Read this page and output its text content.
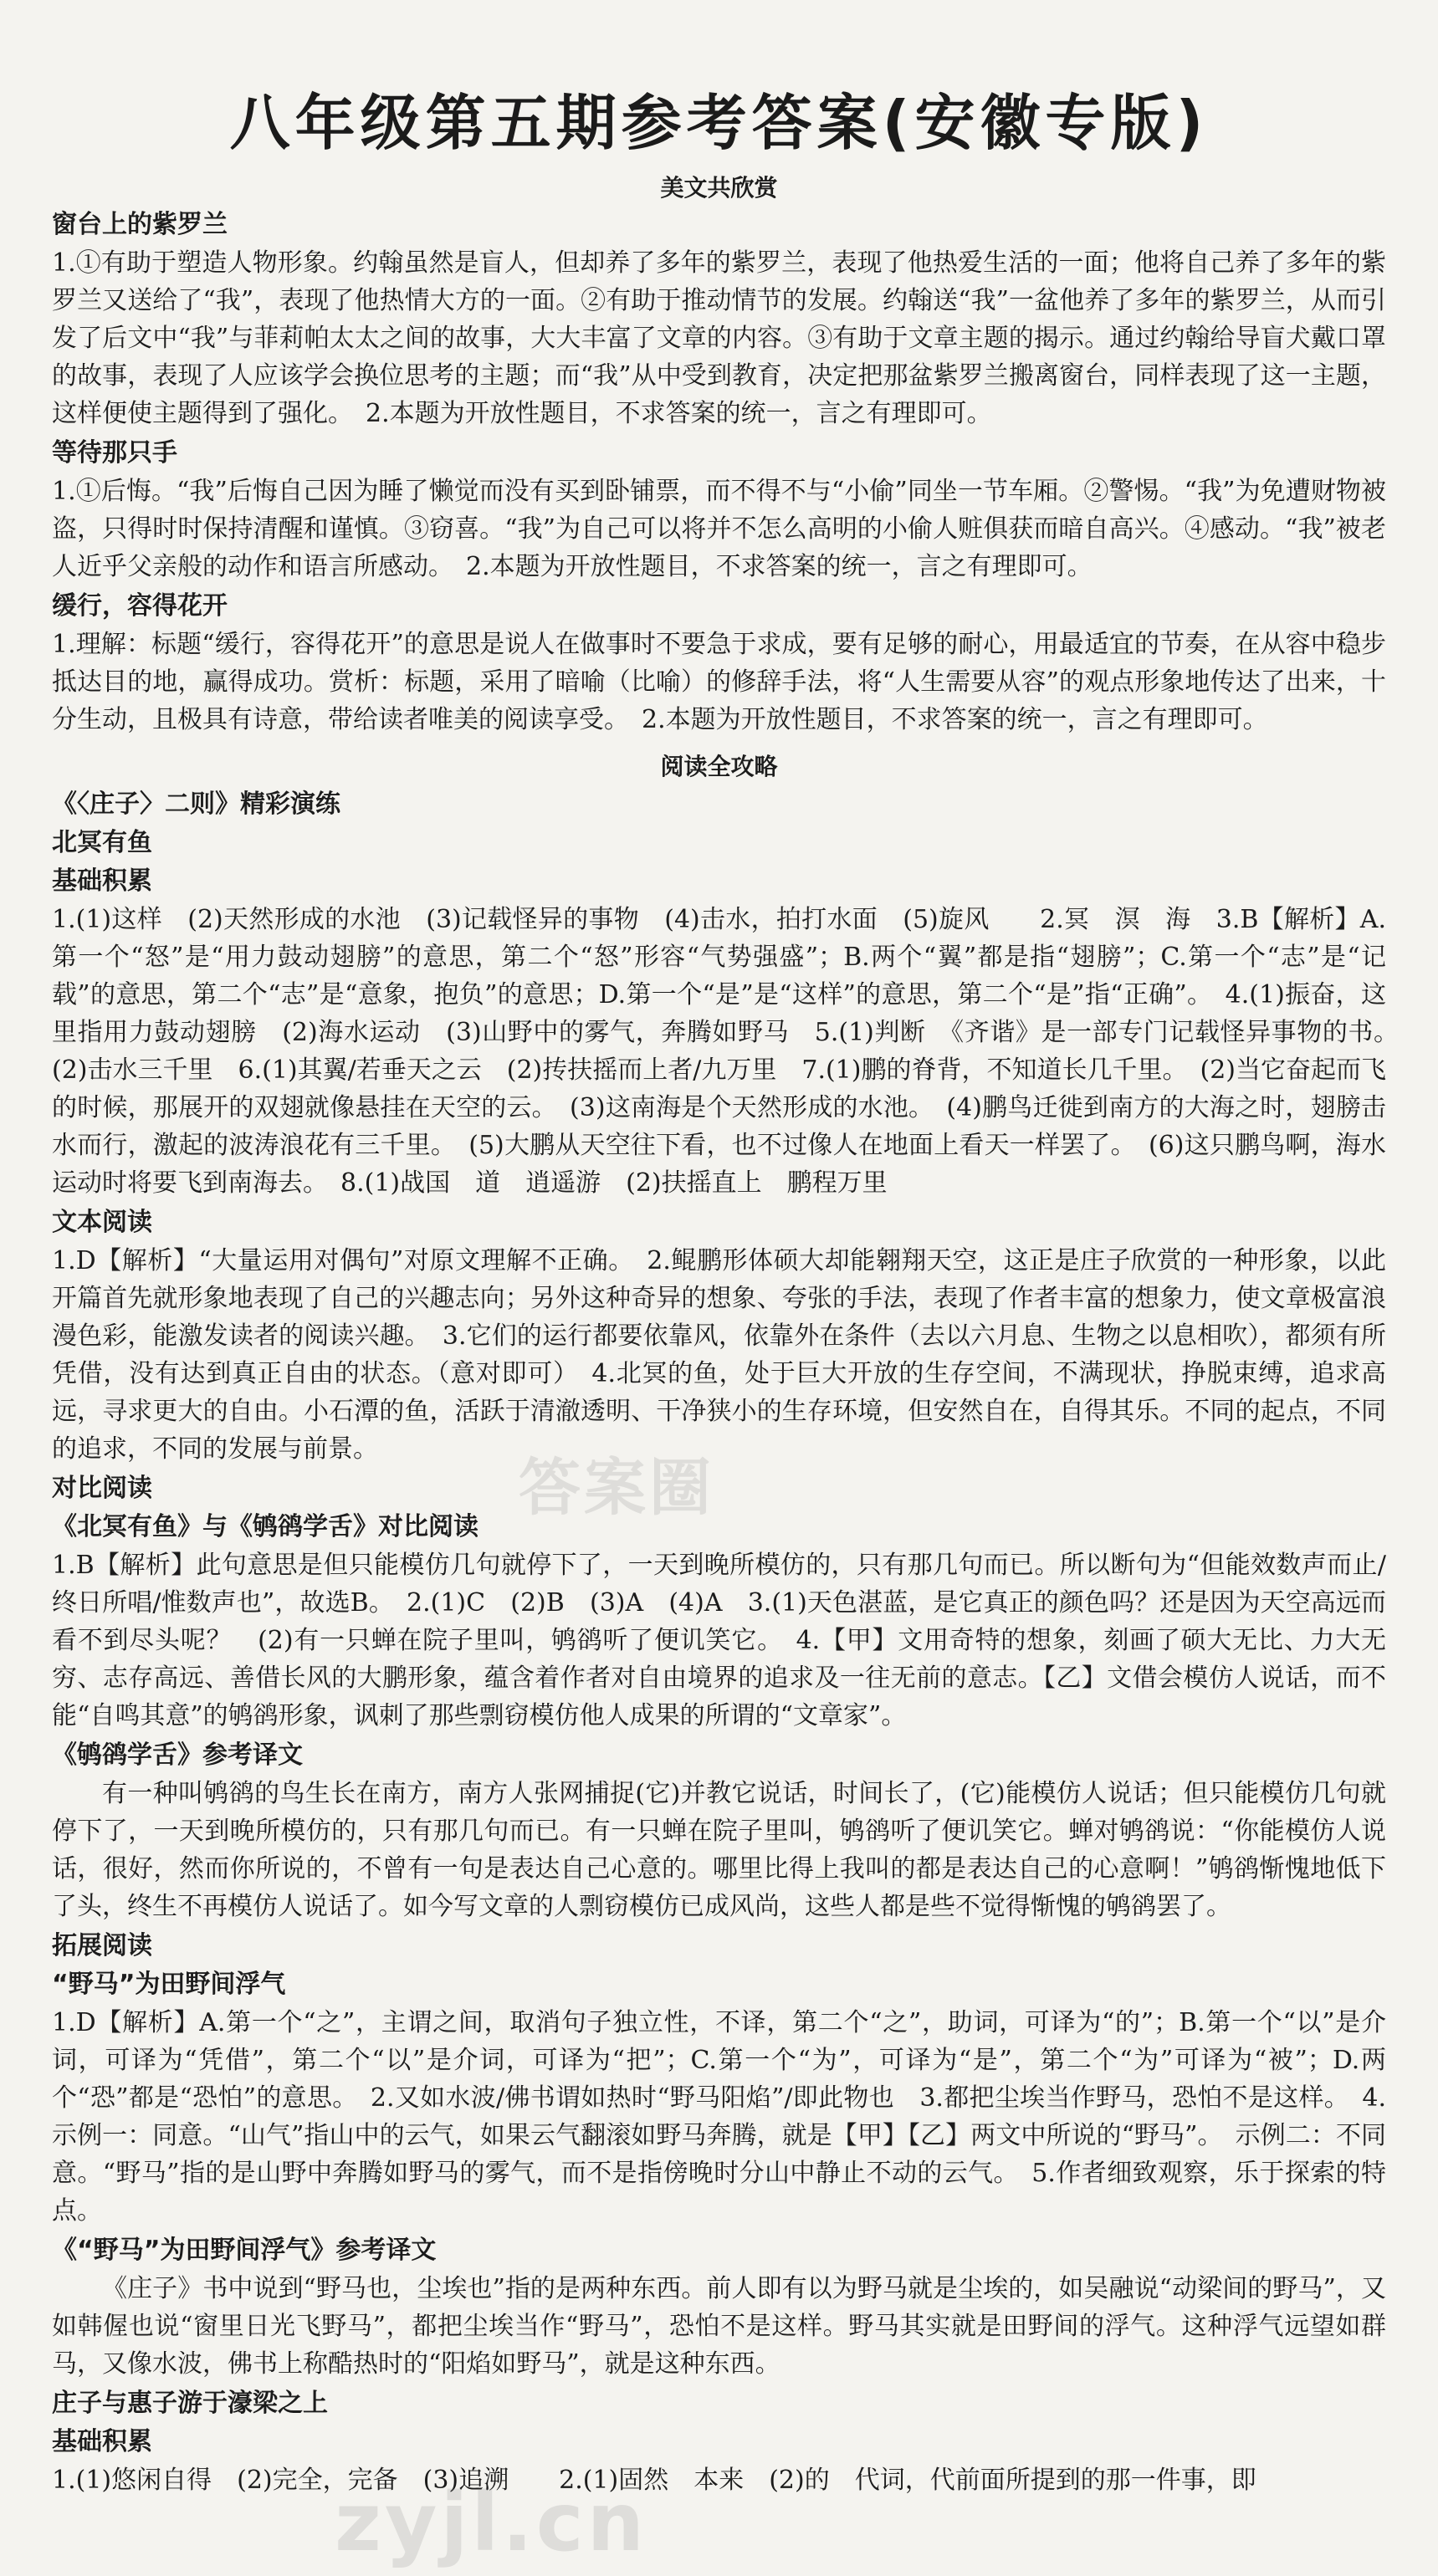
八年级第五期参考答案(安徽专版)
美文共欣赏
窗台上的紫罗兰
1.①有助于塑造人物形象。约翰虽然是盲人，但却养了多年的紫罗兰，表现了他热爱生活的一面；他将自己养了多年的紫罗兰又送给了“我”，表现了他热情大方的一面。②有助于推动情节的发展。约翰送“我”一盆他养了多年的紫罗兰，从而引发了后文中“我”与菲莉帕太太之间的故事，大大丰富了文章的内容。③有助于文章主题的揭示。通过约翰给导盲犬戴口罩的故事，表现了人应该学会换位思考的主题；而“我”从中受到教育，决定把那盆紫罗兰搬离窗台，同样表现了这一主题，这样便使主题得到了强化。　2.本题为开放性题目，不求答案的统一，言之有理即可。
等待那只手
1.①后悔。“我”后悔自己因为睡了懒觉而没有买到卧铺票，而不得不与“小偷”同坐一节车厢。②警惕。“我”为免遭财物被盗，只得时时保持清醒和谨慎。③窃喜。“我”为自己可以将并不怎么高明的小偷人赃俱获而暗自高兴。④感动。“我”被老人近乎父亲般的动作和语言所感动。　2.本题为开放性题目，不求答案的统一，言之有理即可。
缓行，容得花开
1.理解：标题“缓行，容得花开”的意思是说人在做事时不要急于求成，要有足够的耐心，用最适宜的节奏，在从容中稳步抵达目的地，赢得成功。赏析：标题，采用了暗喻（比喻）的修辞手法，将“人生需要从容”的观点形象地传达了出来，十分生动，且极具有诗意，带给读者唯美的阅读享受。　2.本题为开放性题目，不求答案的统一，言之有理即可。
阅读全攻略
《〈庄子〉二则》精彩演练
北冥有鱼
基础积累
1.(1)这样　(2)天然形成的水池　(3)记载怪异的事物　(4)击水，拍打水面　(5)旋风　　2.冥　溟　海　3.B【解析】A.第一个“怒”是“用力鼓动翅膀”的意思，第二个“怒”形容“气势强盛”；B.两个“翼”都是指“翅膀”；C.第一个“志”是“记载”的意思，第二个“志”是“意象，抱负”的意思；D.第一个“是”是“这样”的意思，第二个“是”指“正确”。　4.(1)振奋，这里指用力鼓动翅膀　(2)海水运动　(3)山野中的雾气，奔腾如野马　5.(1)判断　《齐谐》是一部专门记载怪异事物的书。　(2)击水三千里　6.(1)其翼/若垂天之云　(2)抟扶摇而上者/九万里　7.(1)鹏的脊背，不知道长几千里。　(2)当它奋起而飞的时候，那展开的双翅就像悬挂在天空的云。　(3)这南海是个天然形成的水池。　(4)鹏鸟迁徙到南方的大海之时，翅膀击水而行，激起的波涛浪花有三千里。　(5)大鹏从天空往下看，也不过像人在地面上看天一样罢了。　(6)这只鹏鸟啊，海水运动时将要飞到南海去。　8.(1)战国　道　逍遥游　(2)扶摇直上　鹏程万里
文本阅读
1.D【解析】“大量运用对偶句”对原文理解不正确。　2.鲲鹏形体硕大却能翱翔天空，这正是庄子欣赏的一种形象，以此开篇首先就形象地表现了自己的兴趣志向；另外这种奇异的想象、夸张的手法，表现了作者丰富的想象力，使文章极富浪漫色彩，能激发读者的阅读兴趣。　3.它们的运行都要依靠风，依靠外在条件（去以六月息、生物之以息相吹），都须有所凭借，没有达到真正自由的状态。（意对即可）　4.北冥的鱼，处于巨大开放的生存空间，不满现状，挣脱束缚，追求高远，寻求更大的自由。小石潭的鱼，活跃于清澈透明、干净狭小的生存环境，但安然自在，自得其乐。不同的起点，不同的追求，不同的发展与前景。
对比阅读
《北冥有鱼》与《鸲鹆学舌》对比阅读
1.B【解析】此句意思是但只能模仿几句就停下了，一天到晚所模仿的，只有那几句而已。所以断句为“但能效数声而止/终日所唱/惟数声也”，故选B。　2.(1)C　(2)B　(3)A　(4)A　3.(1)天色湛蓝，是它真正的颜色吗？还是因为天空高远而看不到尽头呢？　(2)有一只蝉在院子里叫，鸲鹆听了便讥笑它。　4.【甲】文用奇特的想象，刻画了硕大无比、力大无穷、志存高远、善借长风的大鹏形象，蕴含着作者对自由境界的追求及一往无前的意志。【乙】文借会模仿人说话，而不能“自鸣其意”的鸲鹆形象，讽刺了那些剽窃模仿他人成果的所谓的“文章家”。
《鸲鹆学舌》参考译文
有一种叫鸲鹆的鸟生长在南方，南方人张网捕捉(它)并教它说话，时间长了，(它)能模仿人说话；但只能模仿几句就停下了，一天到晚所模仿的，只有那几句而已。有一只蝉在院子里叫，鸲鹆听了便讥笑它。蝉对鸲鹆说：“你能模仿人说话，很好，然而你所说的，不曾有一句是表达自己心意的。哪里比得上我叫的都是表达自己的心意啊！”鸲鹆惭愧地低下了头，终生不再模仿人说话了。如今写文章的人剽窃模仿已成风尚，这些人都是些不觉得惭愧的鸲鹆罢了。
拓展阅读
“野马”为田野间浮气
1.D【解析】A.第一个“之”，主谓之间，取消句子独立性，不译，第二个“之”，助词，可译为“的”；B.第一个“以”是介词，可译为“凭借”，第二个“以”是介词，可译为“把”；C.第一个“为”，可译为“是”，第二个“为”可译为“被”；D.两个“恐”都是“恐怕”的意思。　2.又如水波/佛书谓如热时“野马阳焰”/即此物也　3.都把尘埃当作野马，恐怕不是这样。　4.示例一：同意。“山气”指山中的云气，如果云气翻滚如野马奔腾，就是【甲】【乙】两文中所说的“野马”。　示例二：不同意。“野马”指的是山野中奔腾如野马的雾气，而不是指傍晚时分山中静止不动的云气。　5.作者细致观察，乐于探索的特点。
《“野马”为田野间浮气》参考译文
《庄子》书中说到“野马也，尘埃也”指的是两种东西。前人即有以为野马就是尘埃的，如吴融说“动梁间的野马”，又如韩偓也说“窗里日光飞野马”，都把尘埃当作“野马”，恐怕不是这样。野马其实就是田野间的浮气。这种浮气远望如群马，又像水波，佛书上称酷热时的“阳焰如野马”，就是这种东西。
庄子与惠子游于濠梁之上
基础积累
1.(1)悠闲自得　(2)完全，完备　(3)追溯　　2.(1)固然　本来　(2)的　代词，代前面所提到的那一件事，即
答案圈
zyjl.cn
